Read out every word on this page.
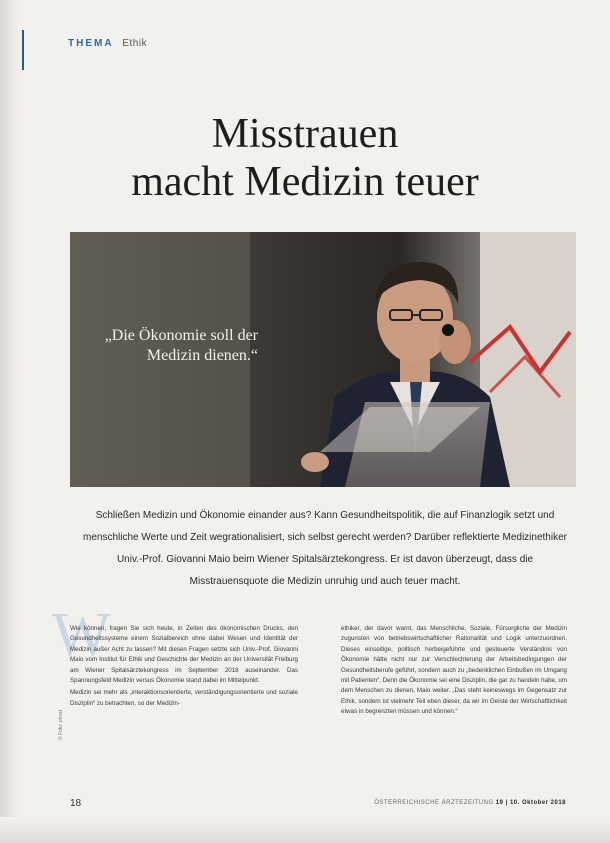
THEMA Ethik
Misstrauen
macht Medizin teuer
„Die Ökonomie soll der Medizin dienen.“
Schließen Medizin und Ökonomie einander aus? Kann Gesundheitspolitik, die auf Finanzlogik setzt und menschliche Werte und Zeit wegrationalisiert, sich selbst gerecht werden? Darüber reflektierte Medizinethiker Univ.-Prof. Giovanni Maio beim Wiener Spitalsärztekongress. Er ist davon überzeugt, dass die Misstrauensquote die Medizin unruhig und auch teuer macht.
W

Wie können, fragen Sie sich heute, in Zeiten des ökonomischen Drucks, den Gesundheitssysteme einem Sozialbereich ohne dabei Wesen und Identität der Medizin außer Acht zu lassen? Mit diesen Fragen setzte sich Univ.-Prof. Giovanni Maio vom Institut für Ethik und Geschichte der Medizin an der Universität Freiburg am Wiener Spitalsärztekongress im September 2018 auseinander. Das Spannungsfeld Medizin versus Ökonomie stand dabei im Mittelpunkt.

Medizin sei mehr als „interaktionsorientierte, verständigungsorientierte und soziale Disziplin“ zu betrachten, so der Medizin-

ethiker, der davor warnt, das Menschliche, Soziale, Fürsorgliche der Medizin zugunsten von betriebswirtschaftlicher Rationalität und Logik unterzuordnen. Dieses einseitige, politisch herbeigeführte und gesteuerte Verständnis von Ökonomie hätte nicht nur zur Verschlechterung der Arbeitsbedingungen der Gesundheitsberufe geführt, sondern auch zu „bedenklichen Einbußen im Umgang mit Patienten“. Denn die Ökonomie sei eine Disziplin, die gar zu handeln habe, um dem Menschen zu dienen, Maio weiter. „Das steht keineswegs im Gegensatz zur Ethik, sondern ist vielmehr Teil eben dieser, da wir im Geiste der Wirtschaftlichkeit etwas in begrenzten müssen und können.“

© Foto: privat
18	ÖSTERREICHISCHE ÄRZTEZEITUNG 19 | 10. Oktober 2018
